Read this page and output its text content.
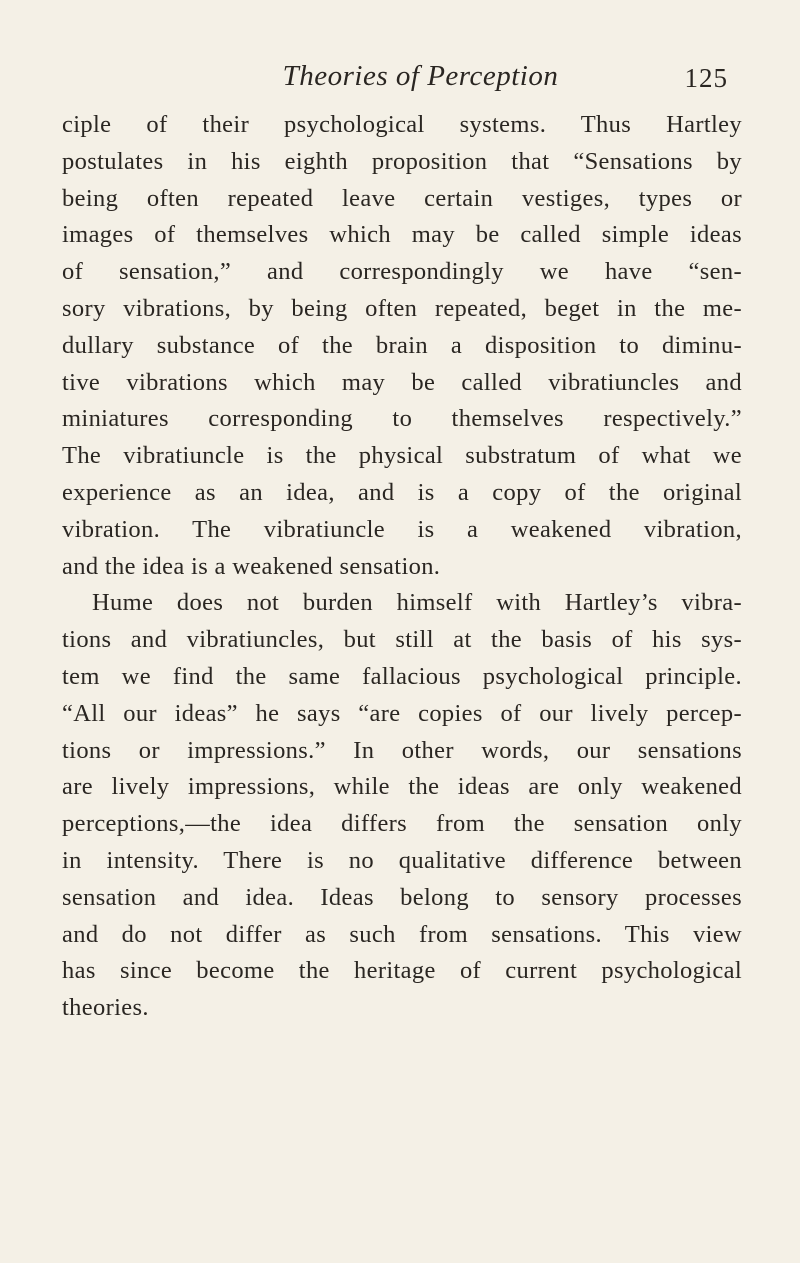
Theories of Perception	125
ciple of their psychological systems. Thus Hartley
postulates in his eighth proposition that “Sensations by
being often repeated leave certain vestiges, types or
images of themselves which may be called simple ideas
of sensation,” and correspondingly we have “sen-
sory vibrations, by being often repeated, beget in the me-
dullary substance of the brain a disposition to diminu-
tive vibrations which may be called vibratiuncles and
miniatures corresponding to themselves respectively.”
The vibratiuncle is the physical substratum of what we
experience as an idea, and is a copy of the original
vibration. The vibratiuncle is a weakened vibration,
and the idea is a weakened sensation.
Hume does not burden himself with Hartley’s vibra-
tions and vibratiuncles, but still at the basis of his sys-
tem we find the same fallacious psychological principle.
“All our ideas” he says “are copies of our lively percep-
tions or impressions.” In other words, our sensations
are lively impressions, while the ideas are only weakened
perceptions,—the idea differs from the sensation only
in intensity. There is no qualitative difference between
sensation and idea. Ideas belong to sensory processes
and do not differ as such from sensations. This view
has since become the heritage of current psychological
theories.
